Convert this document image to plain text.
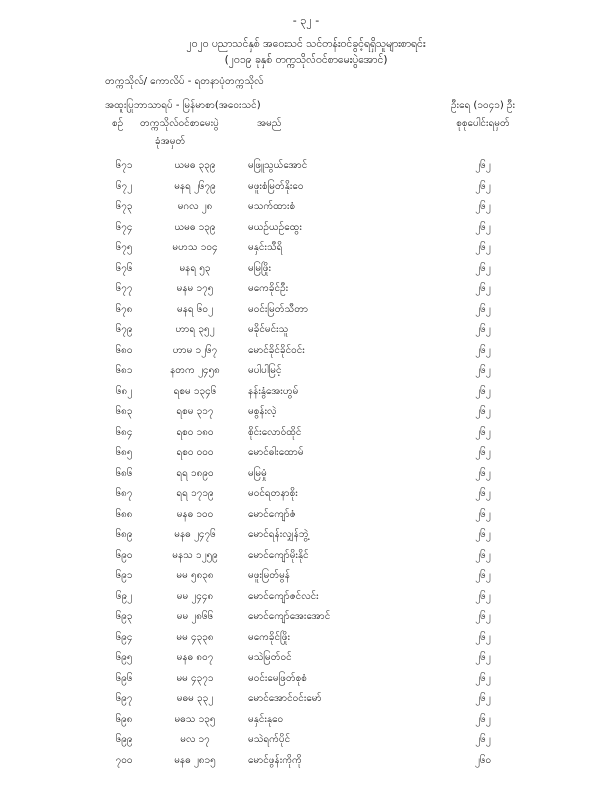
- ၃၂ -
၂၀၂၀ ပညာသင်နှစ် အဝေးသင် သင်တန်းဝင်ခွင့်ရရှိသူများစာရင်း
(၂၀၁၉ ခုနှစ် တက္ကသိုလ်ဝင်စာမေးပွဲအောင်)
တက္ကသိုလ်/ ကောလိပ် - ရတနာပုံတက္ကသိုလ်
အထူးပြုဘာသာရပ် - မြန်မာစာ(အဝေးသင်)	ဦးရေ (၁၀၄၁) ဦး
စဉ် တက္ကသိုလ်ဝင်စာမေးပွဲ
ခုံအမှတ်
အမည်	စုစုပေါင်းရမှတ်
၆၇၁	ယမဓ ၃၃၉	မဖြူသွယ်အောင်	၂၆၂
၆၇၂	မနရ ၂၆၇၉	မဖူးစံမြတ်နိုးဝေ	၂၆၂
၆၇၃	မဂလ ၂၈	မသက်ထားစံ	၂၆၂
၆၇၄	ယမဓ ၁၃၉	မယဉ်ယဉ်ထွေး	၂၆၂
၆၇၅	မဟသ ၁၀၄	မနှင်းသီရိ	၂၆၂
၆၇၆	မနရ ၅၃	မမြဖြိုး	၂၆၂
၆၇၇	မနမ ၁၇၅	မကေခိုင်ဦး	၂၆၂
၆၇၈	မနရ ၆၀၂	မဝင်းမြတ်သီတာ	၂၆၂
၆၇၉	ဟာရ ၃၅၂	မခိုင်မင်းသူ	၂၆၂
၆၈၀	ဟာမ ၁၂၆၇	မောင်ခိုင်ခိုင်ဝင်း	၂၆၂
၆၈၁	နတက ၂၄၅၈	မပါပါမြင့်	၂၆၂
၆၈၂	ရစမ ၁၃၄၆	နန်းနွံအေးဟွမ်	၂၆၂
၆၈၃	ရစမ ၃၁၇	မစွန်းလဲ့	၂၆၂
၆၈၄	ရစဝ ၁၈၀	စိုင်းလောဝ်ထိုင်	၂၆၂
၆၈၅	ရစဝ ၀၀၀	မောင်ဓါးထောမ်	၂၆၂
၆၈၆	ရရ ၁၈၉၀	မမြမှုံ	၂၆၂
၆၈၇	ရရ ၁၇၁၉	မဝင်ရတနာစိုး	၂၆၂
၆၈၈	မနဓ ၁၀၀	မောင်ကျော်ဇံ	၂၆၂
၆၈၉	မနဓ ၂၄၇၆	မောင်ရန်းလျှန်ဘွဲ့	၂၆၂
၆၉၀	မနသ ၁၂၅၉	မောင်ကျော်မိုးနိုင်	၂၆၂
၆၉၁	မမ ၅၈၃၈	မဖူးမြတ်မွန်	၂၆၂
၆၉၂	မမ ၂၄၄၈	မောင်ကျော်ဇင်လင်း	၂၆၂
၆၉၃	မမ ၂၈၆၆	မောင်ကျော်အေးအောင်	၂၆၂
၆၉၄	မမ ၄၃၃၈	မကေခိုင်ဖြိုး	၂၆၂
၆၉၅	မနဓ ၈၀၇	မသဲမြတ်ဝင်	၂၆၂
၆၉၆	မမ ၄၃၇၁	မဝင်းမေဖြတ်စုစံ	၂၆၂
၆၉၇	မဓမ ၃၃၂	မောင်အောင်ဝင်းမော်	၂၆၂
၆၉၈	မဓသ ၁၃၅	မနှင်းနုဝေ	၂၆၂
၆၉၉	မလ ၁၇	မသဲရက်ပိုင်	၂၆၂
၇၀၀	မနဓ ၂၈၁၅	မောင်ဖွန်းကိုကို	၂၆၀
